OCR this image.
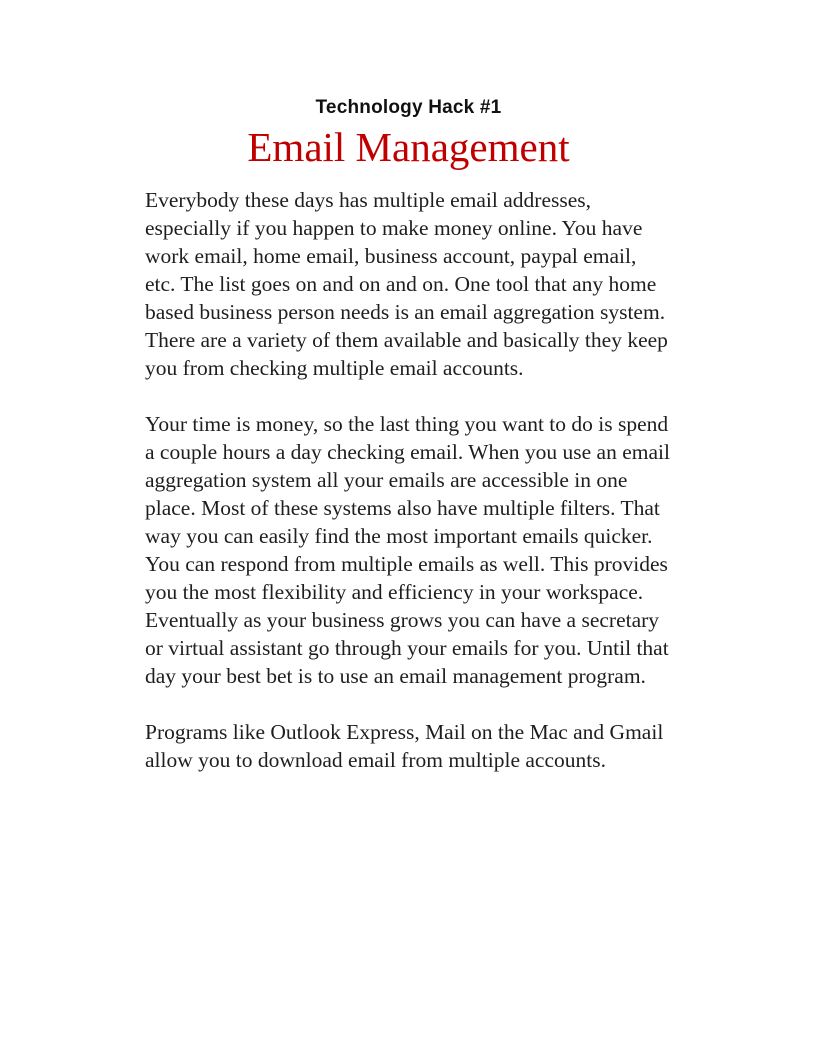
Technology Hack #1

Email Management

Everybody these days has multiple email addresses, especially if you happen to make money online. You have work email, home email, business account, paypal email, etc. The list goes on and on and on. One tool that any home based business person needs is an email aggregation system. There are a variety of them available and basically they keep you from checking multiple email accounts.

Your time is money, so the last thing you want to do is spend a couple hours a day checking email. When you use an email aggregation system all your emails are accessible in one place. Most of these systems also have multiple filters. That way you can easily find the most important emails quicker. You can respond from multiple emails as well. This provides you the most flexibility and efficiency in your workspace. Eventually as your business grows you can have a secretary or virtual assistant go through your emails for you. Until that day your best bet is to use an email management program.

Programs like Outlook Express, Mail on the Mac and Gmail allow you to download email from multiple accounts.
